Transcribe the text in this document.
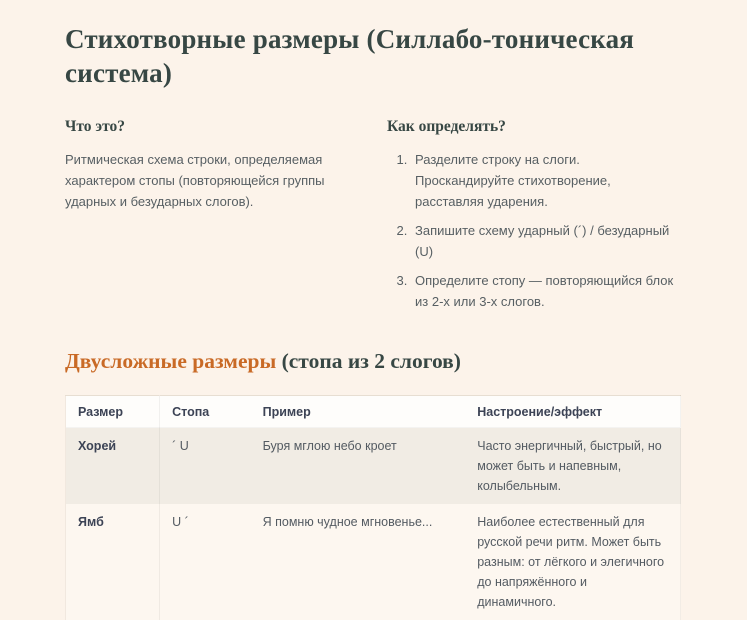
Стихотворные размеры (Силлабо-тоническая система)
Что это?

Ритмическая схема строки, определяемая характером стопы (повторяющейся группы ударных и безударных слогов).

Как определять?
1. Разделите строку на слоги. Проскандируйте стихотворение, расставляя ударения.
2. Запишите схему ударный (´) / безударный (U)
3. Определите стопу — повторяющийся блок из 2-х или 3-х слогов.
Двусложные размеры (стопа из 2 слогов)
Размер	Стопа	Пример	Настроение/эффект
Хорей	´ U	Буря мглою небо кроет	Часто энергичный, быстрый, но может быть и напевным, колыбельным.
Ямб	U ´	Я помню чудное мгновенье...	Наиболее естественный для русской речи ритм. Может быть разным: от лёгкого и элегичного до напряжённого и динамичного.
